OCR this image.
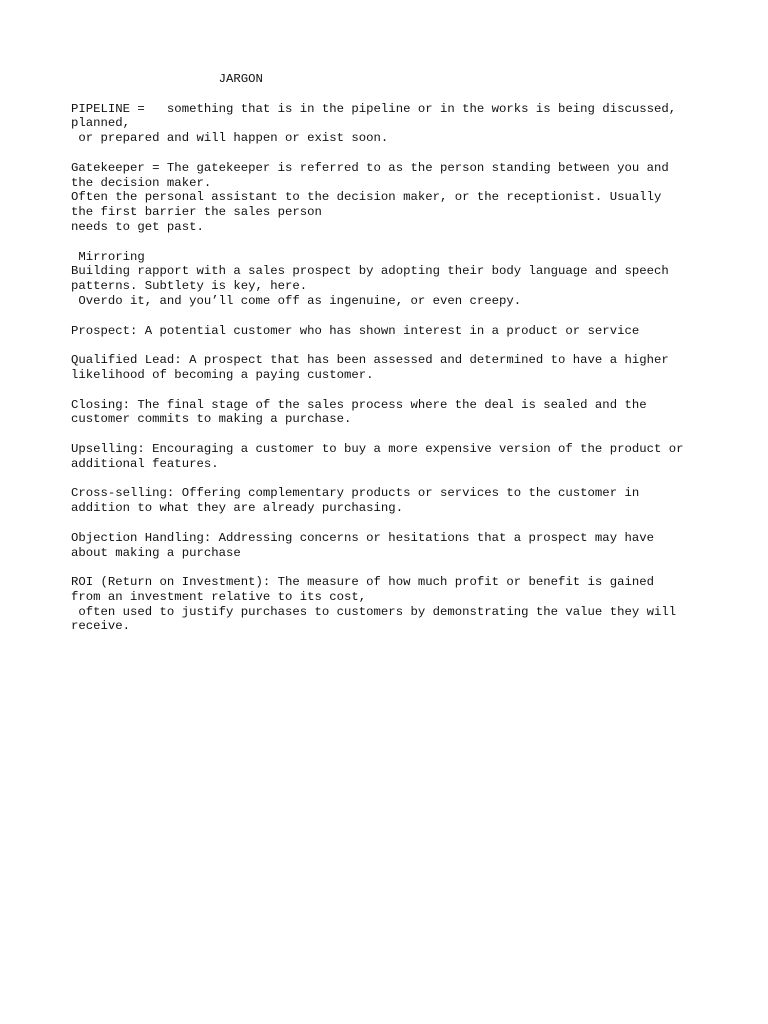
JARGON
PIPELINE =   something that is in the pipeline or in the works is being discussed,
planned,
or prepared and will happen or exist soon.
Gatekeeper = The gatekeeper is referred to as the person standing between you and
the decision maker.
Often the personal assistant to the decision maker, or the receptionist. Usually
the first barrier the sales person
needs to get past.
Mirroring
Building rapport with a sales prospect by adopting their body language and speech
patterns. Subtlety is key, here.
Overdo it, and you’ll come off as ingenuine, or even creepy.
Prospect: A potential customer who has shown interest in a product or service
Qualified Lead: A prospect that has been assessed and determined to have a higher
likelihood of becoming a paying customer.
Closing: The final stage of the sales process where the deal is sealed and the
customer commits to making a purchase.
Upselling: Encouraging a customer to buy a more expensive version of the product or
additional features.
Cross-selling: Offering complementary products or services to the customer in
addition to what they are already purchasing.
Objection Handling: Addressing concerns or hesitations that a prospect may have
about making a purchase
ROI (Return on Investment): The measure of how much profit or benefit is gained
from an investment relative to its cost,
often used to justify purchases to customers by demonstrating the value they will
receive.
